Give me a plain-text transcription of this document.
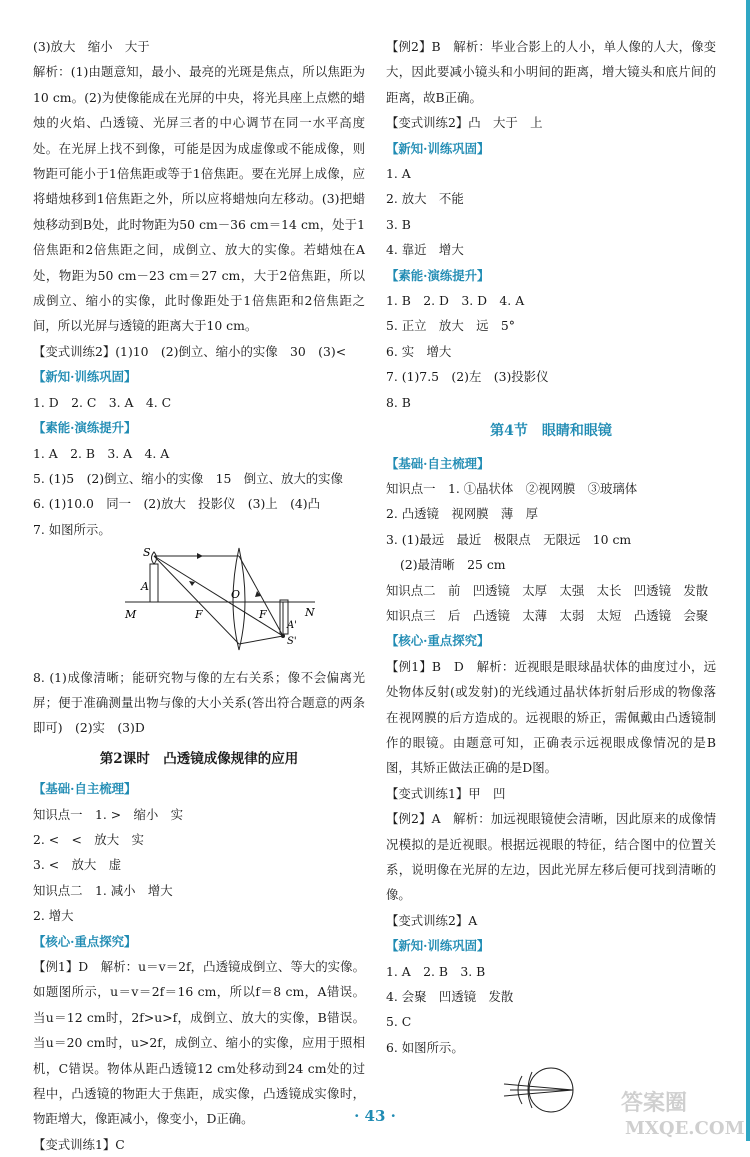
(3)放大　缩小　大于
解析：(1)由题意知，最小、最亮的光斑是焦点，所以焦距为10 cm。(2)为使像能成在光屏的中央，将光具座上点燃的蜡烛的火焰、凸透镜、光屏三者的中心调节在同一水平高度处。在光屏上找不到像，可能是因为成虚像或不能成像，则物距可能小于1倍焦距或等于1倍焦距。要在光屏上成像，应将蜡烛移到1倍焦距之外，所以应将蜡烛向左移动。(3)把蜡烛移动到B处，此时物距为50 cm－36 cm＝14 cm，处于1倍焦距和2倍焦距之间，成倒立、放大的实像。若蜡烛在A处，物距为50 cm－23 cm＝27 cm，大于2倍焦距，所以成倒立、缩小的实像，此时像距处于1倍焦距和2倍焦距之间，所以光屏与透镜的距离大于10 cm。
【变式训练2】(1)10　(2)倒立、缩小的实像　30　(3)<
【新知·训练巩固】
1. D　2. C　3. A　4. C
【素能·演练提升】
1. A　2. B　3. A　4. A
5. (1)5　(2)倒立、缩小的实像　15　倒立、放大的实像
6. (1)10.0　同一　(2)放大　投影仪　(3)上　(4)凸
7. 如图所示。
S
A
M	F
O
F	N
A'
S'
8. (1)成像清晰；能研究物与像的左右关系；像不会偏离光屏；便于准确测量出物与像的大小关系(答出符合题意的两条即可)　(2)实　(3)D
第2课时　凸透镜成像规律的应用
【基础·自主梳理】
知识点一　1. >　缩小　实
2. <　<　放大　实
3. <　放大　虚
知识点二　1. 减小　增大
2. 增大
【核心·重点探究】
【例1】D　解析：u＝v＝2f，凸透镜成倒立、等大的实像。如题图所示，u＝v＝2f＝16 cm，所以f＝8 cm，A错误。当u＝12 cm时，2f>u>f，成倒立、放大的实像，B错误。当u＝20 cm时，u>2f，成倒立、缩小的实像，应用于照相机，C错误。物体从距凸透镜12 cm处移动到24 cm处的过程中，凸透镜的物距大于焦距，成实像，凸透镜成实像时，物距增大，像距减小，像变小，D正确。
【变式训练1】C
【例2】B　解析：毕业合影上的人小，单人像的人大，像变大，因此要减小镜头和小明间的距离，增大镜头和底片间的距离，故B正确。
【变式训练2】凸　大于　上
【新知·训练巩固】
1. A
2. 放大　不能
3. B
4. 靠近　增大
【素能·演练提升】
1. B　2. D　3. D　4. A
5. 正立　放大　远　5°
6. 实　增大
7. (1)7.5　(2)左　(3)投影仪
8. B
第4节　眼睛和眼镜
【基础·自主梳理】
知识点一　1. ①晶状体　②视网膜　③玻璃体
2. 凸透镜　视网膜　薄　厚
3. (1)最远　最近　极限点　无限远　10 cm
(2)最清晰　25 cm
知识点二　前　凹透镜　太厚　太强　太长　凹透镜　发散
知识点三　后　凸透镜　太薄　太弱　太短　凸透镜　会聚
【核心·重点探究】
【例1】B　D　解析：近视眼是眼球晶状体的曲度过小，远处物体反射(或发射)的光线通过晶状体折射后形成的物像落在视网膜的后方造成的。远视眼的矫正，需佩戴由凸透镜制作的眼镜。由题意可知，正确表示远视眼成像情况的是B图，其矫正做法正确的是D图。
【变式训练1】甲　凹
【例2】A　解析：加远视眼镜使会清晰，因此原来的成像情况模拟的是近视眼。根据远视眼的特征，结合图中的位置关系，说明像在光屏的左边，因此光屏左移后便可找到清晰的像。
【变式训练2】A
【新知·训练巩固】
1. A　2. B　3. B
4. 会聚　凹透镜　发散
5. C
6. 如图所示。
· 43 ·	答案圈
MXQE.COM
